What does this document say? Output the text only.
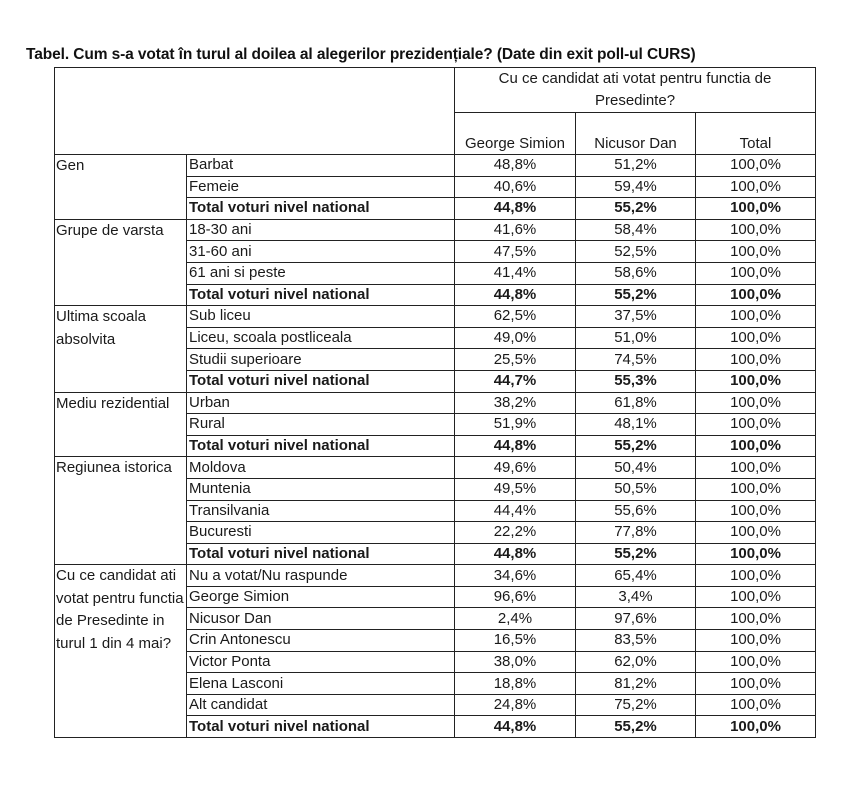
Tabel. Cum s-a votat în turul al doilea al alegerilor prezidențiale? (Date din exit poll-ul CURS)
		Cu ce candidat ati votat pentru functia de Presedinte?		
		George Simion	Nicusor Dan	Total
Gen	Barbat	48,8%	51,2%	100,0%
	Femeie	40,6%	59,4%	100,0%
	Total voturi nivel national	44,8%	55,2%	100,0%
Grupe de varsta	18-30 ani	41,6%	58,4%	100,0%
	31-60 ani	47,5%	52,5%	100,0%
	61 ani si peste	41,4%	58,6%	100,0%
	Total voturi nivel national	44,8%	55,2%	100,0%
Ultima scoala absolvita	Sub liceu	62,5%	37,5%	100,0%
	Liceu, scoala postliceala	49,0%	51,0%	100,0%
	Studii superioare	25,5%	74,5%	100,0%
	Total voturi nivel national	44,7%	55,3%	100,0%
Mediu rezidential	Urban	38,2%	61,8%	100,0%
	Rural	51,9%	48,1%	100,0%
	Total voturi nivel national	44,8%	55,2%	100,0%
Regiunea istorica	Moldova	49,6%	50,4%	100,0%
	Muntenia	49,5%	50,5%	100,0%
	Transilvania	44,4%	55,6%	100,0%
	Bucuresti	22,2%	77,8%	100,0%
	Total voturi nivel national	44,8%	55,2%	100,0%
Cu ce candidat ati votat pentru functia de Presedinte in turul 1 din 4 mai?	Nu a votat/Nu raspunde	34,6%	65,4%	100,0%
	George Simion	96,6%	3,4%	100,0%
	Nicusor Dan	2,4%	97,6%	100,0%
	Crin Antonescu	16,5%	83,5%	100,0%
	Victor Ponta	38,0%	62,0%	100,0%
	Elena Lasconi	18,8%	81,2%	100,0%
	Alt candidat	24,8%	75,2%	100,0%
	Total voturi nivel national	44,8%	55,2%	100,0%
